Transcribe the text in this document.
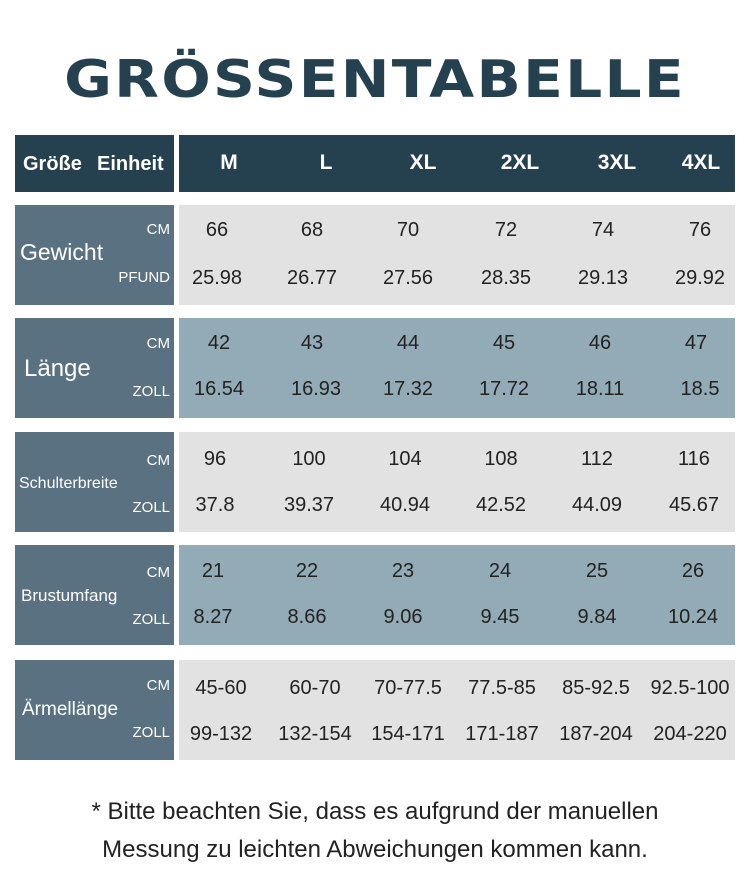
GRÖSSENTABELLE
Größe Einheit	M	L	XL	2XL	3XL	4XL
Gewicht
CM
PFUND
66	68	70	72	74	76
25.98	26.77	27.56	28.35	29.13	29.92
Länge
CM
ZOLL
42	43	44	45	46	47
16.54	16.93	17.32	17.72	18.11	18.5
Schulterbreite
CM
ZOLL
96	100	104	108	112	116
37.8	39.37	40.94	42.52	44.09	45.67
Brustumfang
CM
ZOLL
21	22	23	24	25	26
8.27	8.66	9.06	9.45	9.84	10.24
Ärmellänge
CM
ZOLL
45-60	60-70	70-77.5	77.5-85	85-92.5	92.5-100
99-132	132-154 154-171	171-187	187-204	204-220
* Bitte beachten Sie, dass es aufgrund der manuellen
Messung zu leichten Abweichungen kommen kann.
